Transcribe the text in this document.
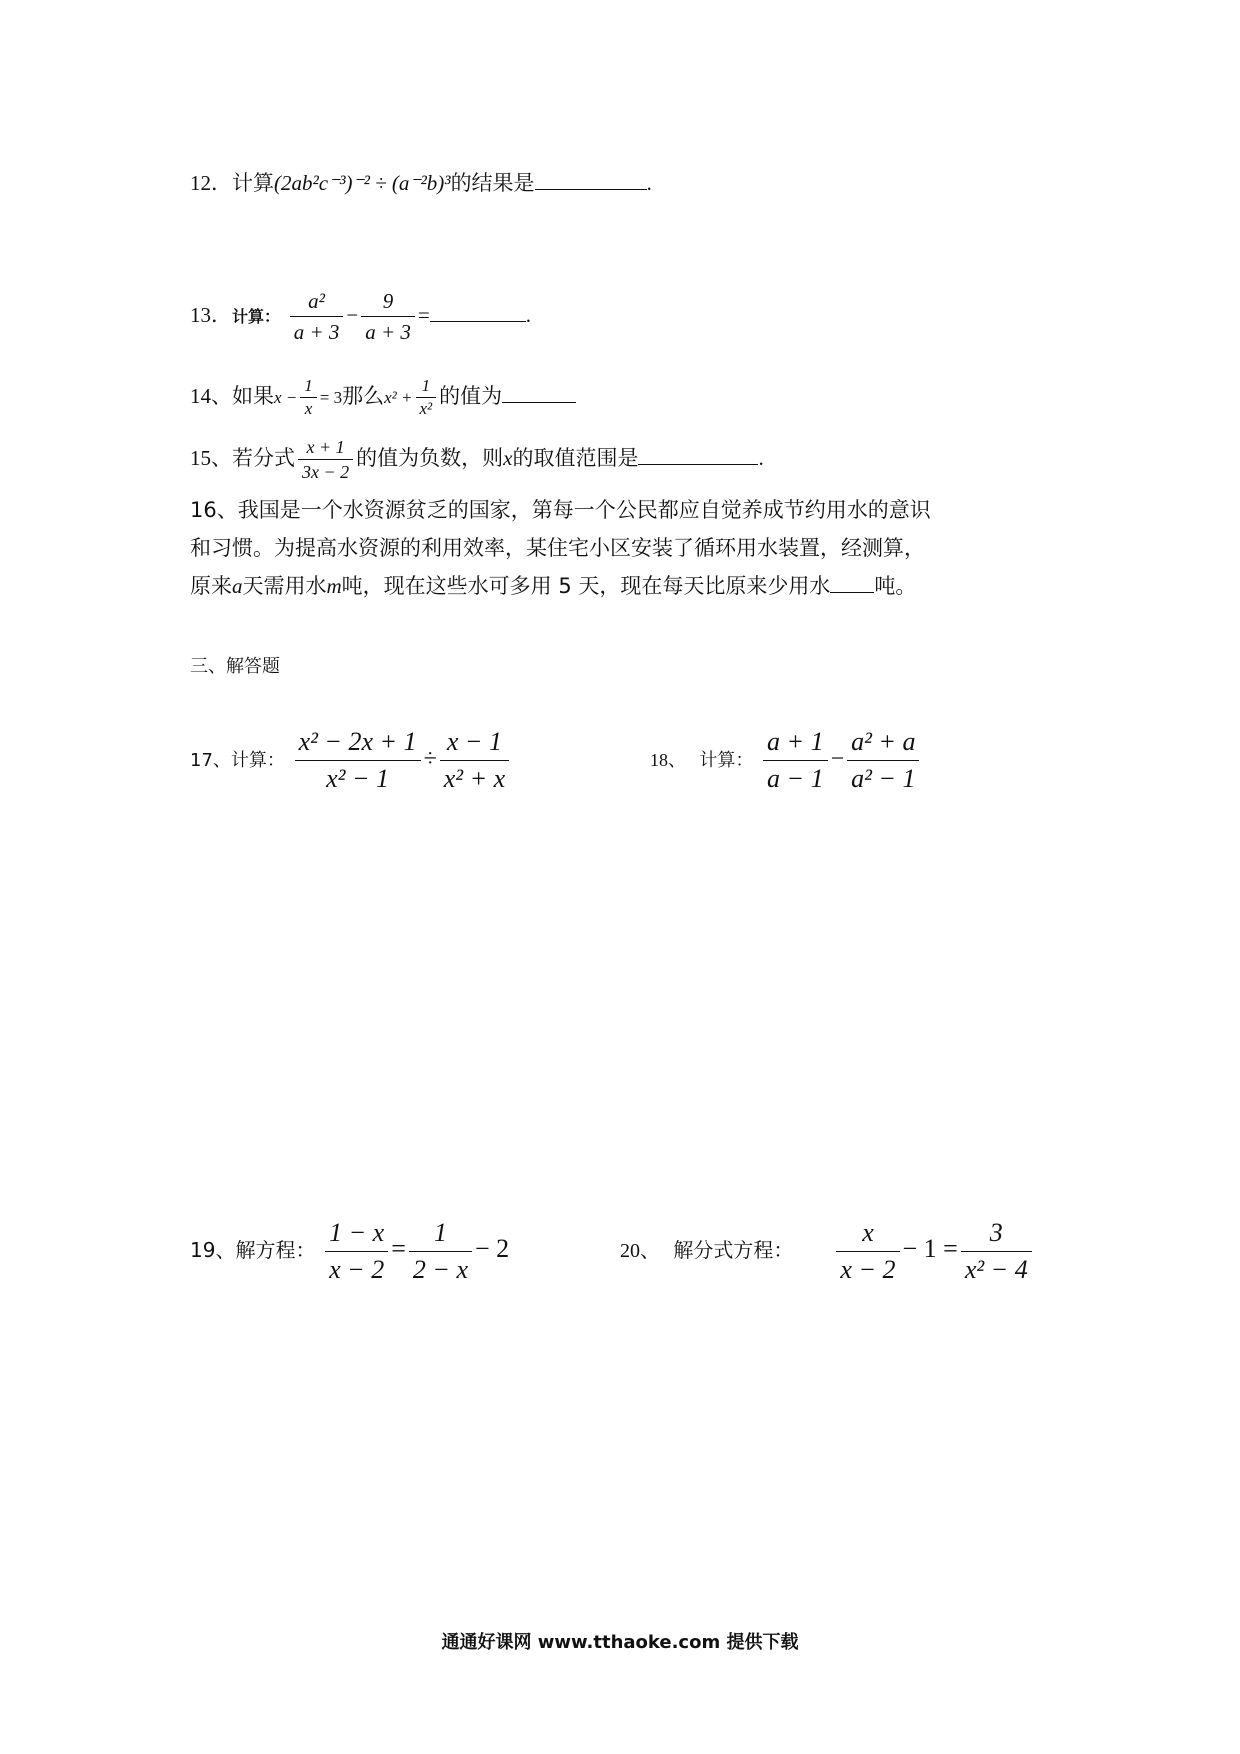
12．计算(2ab²c⁻³)⁻² ÷ (a⁻²b)³的结果是	.
13．计算： $\frac{\text{a²}}{a + 3} - \frac{9}{a + 3}$ =	.
14、如果$x - \frac{1}{x} = 3$那么$x^2 + \frac{1}{\text{x²}}$ 的值为
15、若分式 $\frac{x + 1}{3x - 2}$ 的值为负数，则x的取值范围是	.
16、我国是一个水资源贫乏的国家，第每一个公民都应自觉养成节约用水的意识
和习惯。为提高水资源的利用效率，某住宅小区安装了循环用水装置，经测算，
原来a天需用水m吨，现在这些水可多用 5 天，现在每天比原来少用水 吨。
三、解答题
17、计算： $\frac{\text{x² − 2x + 1}}{\text{x² − 1}} \div \frac{x - 1}{\text{x² + x}}$	18、 计算： $\frac{a + 1}{a - 1} - \frac{\text{a² + a}}{\text{a² − 1}}$
19、解方程： $\frac{1 - x}{x - 2} = \frac{1}{2 - x} - 2$	20、 解分式方程： $\frac{x}{x - 2} - 1 = \frac{3}{\text{x² − 4}}$
通通好课网 www.tthaoke.com 提供下载
